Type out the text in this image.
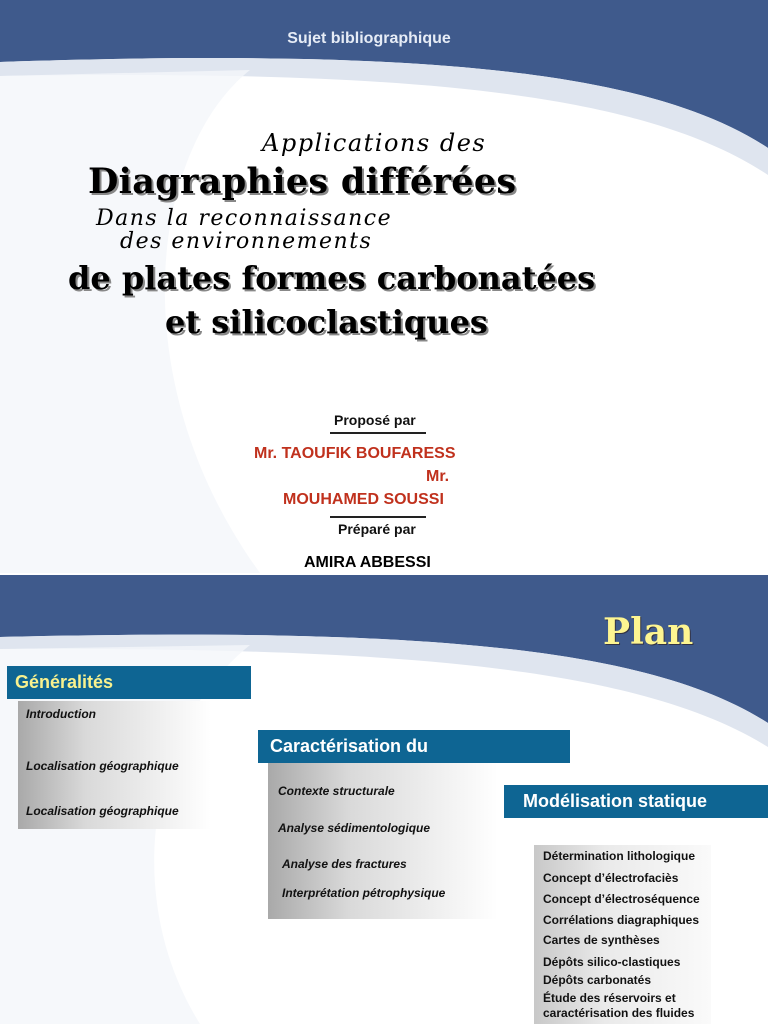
Sujet bibliographique
Applications des
Diagraphies différées
Dans la reconnaissance
des environnements
de plates formes carbonatées
et silicoclastiques
Proposé par
Mr. TAOUFIK BOUFARESS
Mr.
MOUHAMED SOUSSI
Préparé par
AMIRA ABBESSI
Plan
Généralités
Introduction
Localisation géographique
Localisation géographique
Caractérisation du
Contexte structurale
Analyse sédimentologique
Analyse des fractures
Interprétation pétrophysique
Modélisation statique
Détermination lithologique
Concept d’électrofaciès
Concept d’électroséquence
Corrélations diagraphiques
Cartes de synthèses
Dépôts silico-clastiques
Dépôts carbonatés
Étude des réservoirs et
caractérisation des fluides
